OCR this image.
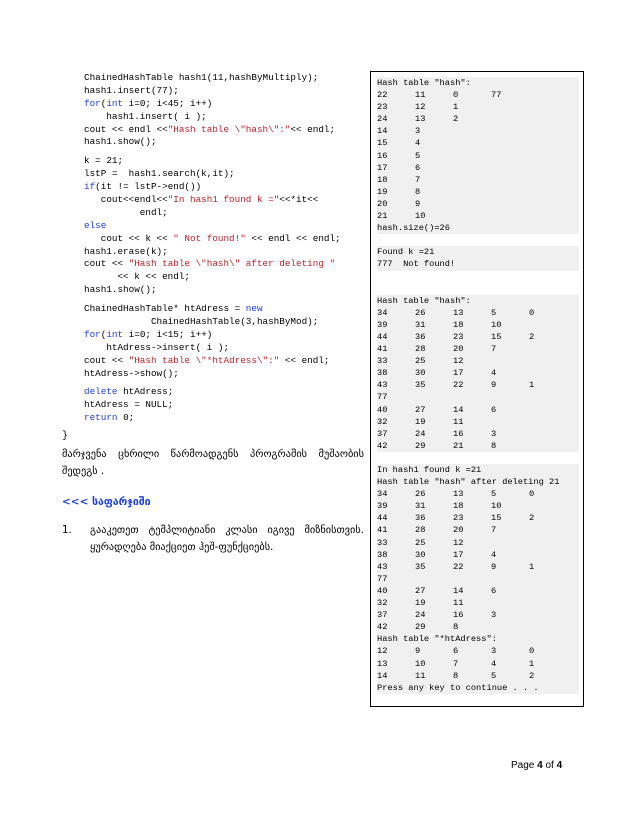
ChainedHashTable hash1(11,hashByMultiply);
hash1.insert(77);
for(int i=0; i<45; i++)
hash1.insert( i );
cout << endl <<"Hash table \"hash\":"<< endl;
hash1.show();
k = 21;
lstP =  hash1.search(k,it);
if(it != lstP->end())
cout<<endl<<"In hash1 found k ="<<*it<<
endl;
else
cout << k << " Not found!" << endl << endl;
hash1.erase(k);
cout << "Hash table \"hash\" after deleting "
<< k << endl;
hash1.show();
ChainedHashTable* htAdress = new
ChainedHashTable(3,hashByMod);
for(int i=0; i<15; i++)
htAdress->insert( i );
cout << "Hash table \"*htAdress\":" << endl;
htAdress->show();
delete htAdress;
htAdress = NULL;
return 0;
}
მარჯვენა ცხრილი წარმოადგენს პროგრამის მუშაობის შედეგს .
<<< საფარჯიში
1. გააკეთეთ ტემპლიტიანი კლასი იგივე მიზნისთვის. ყურადღება მიაქციეთ ჰეშ-ფუნქციებს.
Hash table "hash":
22	11	0	77
23	12	1
24	13	2
14	3
15	4
16	5
17	6
18	7
19	8
20	9
21	10
hash.size()=26
Found k =21
777  Not found!
Hash table "hash":
34	26	13	5	0
39	31	18	10
44	36	23	15	2
41	28	20	7
33	25	12
38	30	17	4
43	35	22	9	1
77
40	27	14	6
32	19	11
37	24	16	3
42	29	21	8
In hash1 found k =21
Hash table "hash" after deleting 21
34	26	13	5	0
39	31	18	10
44	36	23	15	2
41	28	20	7
33	25	12
38	30	17	4
43	35	22	9	1
77
40	27	14	6
32	19	11
37	24	16	3
42	29	8
Hash table "*htAdress":
12	9	6	3	0
13	10	7	4	1
14	11	8	5	2
Press any key to continue . . .
Page 4 of 4
